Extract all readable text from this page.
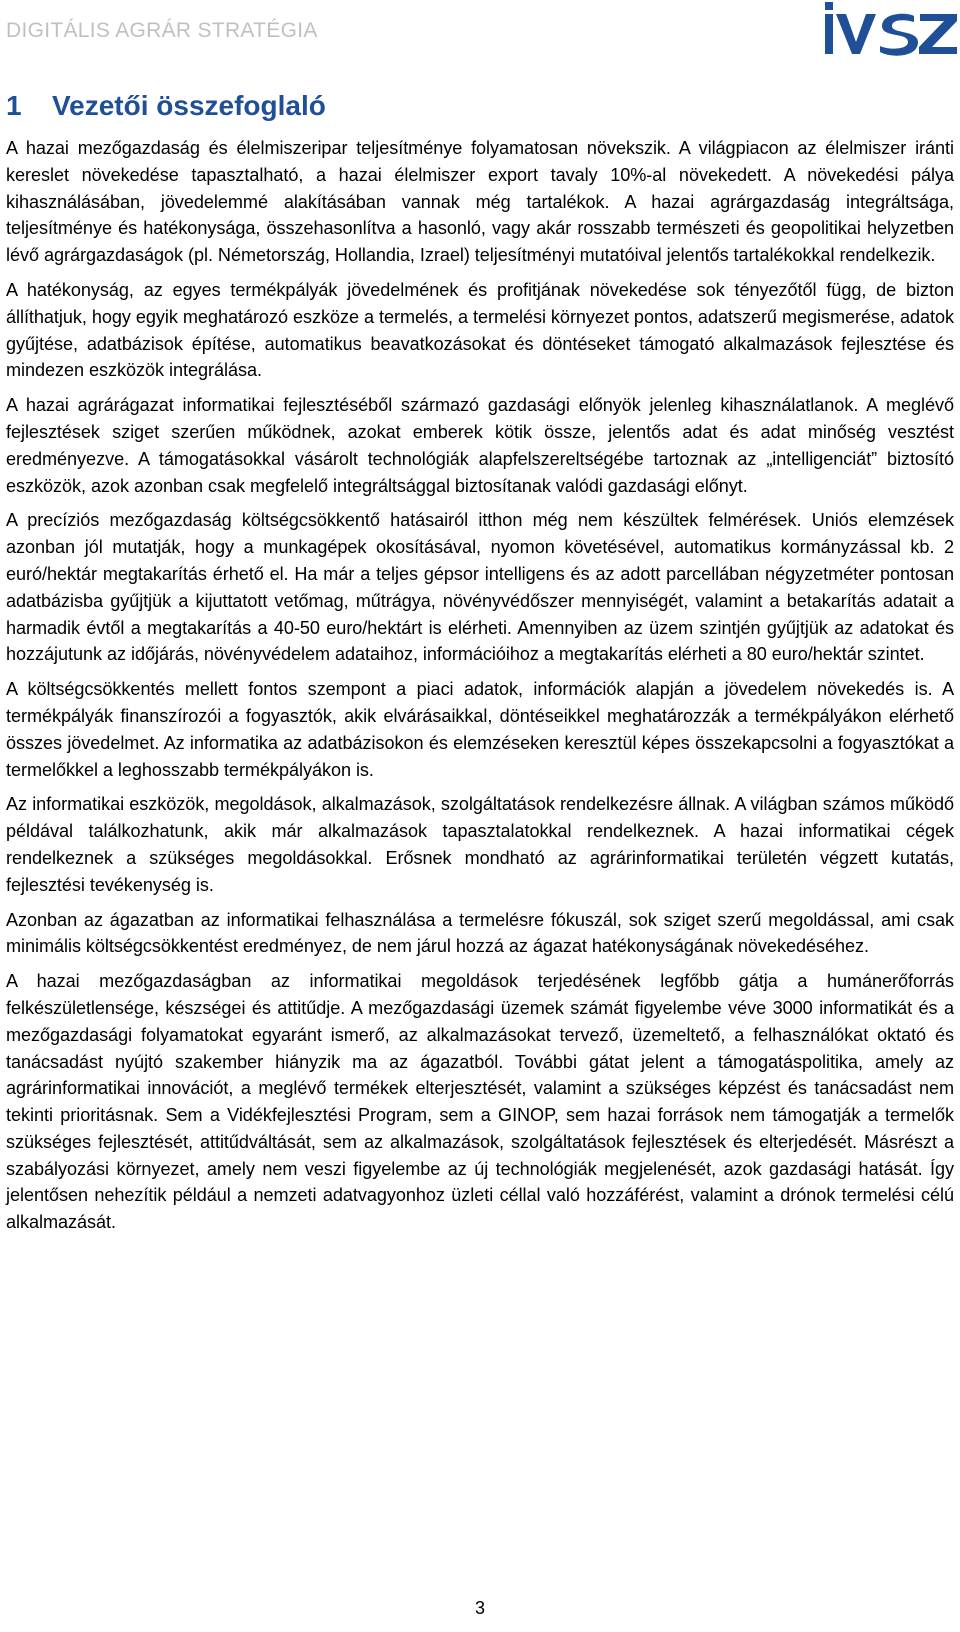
DIGITÁLIS AGRÁR STRATÉGIA
1 Vezetői összefoglaló

A hazai mezőgazdaság és élelmiszeripar teljesítménye folyamatosan növekszik. A világpiacon az élelmiszer iránti kereslet növekedése tapasztalható, a hazai élelmiszer export tavaly 10%-al növekedett. A növekedési pálya kihasználásában, jövedelemmé alakításában vannak még tartalékok. A hazai agrárgazdaság integráltsága, teljesítménye és hatékonysága, összehasonlítva a hasonló, vagy akár rosszabb természeti és geopolitikai helyzetben lévő agrárgazdaságok (pl. Németország, Hollandia, Izrael) teljesítményi mutatóival jelentős tartalékokkal rendelkezik.

A hatékonyság, az egyes termékpályák jövedelmének és profitjának növekedése sok tényezőtől függ, de bizton állíthatjuk, hogy egyik meghatározó eszköze a termelés, a termelési környezet pontos, adatszerű megismerése, adatok gyűjtése, adatbázisok építése, automatikus beavatkozásokat és döntéseket támogató alkalmazások fejlesztése és mindezen eszközök integrálása.

A hazai agrárágazat informatikai fejlesztéséből származó gazdasági előnyök jelenleg kihasználatlanok. A meglévő fejlesztések sziget szerűen működnek, azokat emberek kötik össze, jelentős adat és adat minőség vesztést eredményezve. A támogatásokkal vásárolt technológiák alapfelszereltségébe tartoznak az „intelligenciát” biztosító eszközök, azok azonban csak megfelelő integráltsággal biztosítanak valódi gazdasági előnyt.

A precíziós mezőgazdaság költségcsökkentő hatásairól itthon még nem készültek felmérések. Uniós elemzések azonban jól mutatják, hogy a munkagépek okosításával, nyomon követésével, automatikus kormányzással kb. 2 euró/hektár megtakarítás érhető el. Ha már a teljes gépsor intelligens és az adott parcellában négyzetméter pontosan adatbázisba gyűjtjük a kijuttatott vetőmag, műtrágya, növényvédőszer mennyiségét, valamint a betakarítás adatait a harmadik évtől a megtakarítás a 40-50 euro/hektárt is elérheti. Amennyiben az üzem szintjén gyűjtjük az adatokat és hozzájutunk az időjárás, növényvédelem adataihoz, információihoz a megtakarítás elérheti a 80 euro/hektár szintet.

A költségcsökkentés mellett fontos szempont a piaci adatok, információk alapján a jövedelem növekedés is. A termékpályák finanszírozói a fogyasztók, akik elvárásaikkal, döntéseikkel meghatározzák a termékpályákon elérhető összes jövedelmet. Az informatika az adatbázisokon és elemzéseken keresztül képes összekapcsolni a fogyasztókat a termelőkkel a leghosszabb termékpályákon is.

Az informatikai eszközök, megoldások, alkalmazások, szolgáltatások rendelkezésre állnak. A világban számos működő példával találkozhatunk, akik már alkalmazások tapasztalatokkal rendelkeznek. A hazai informatikai cégek rendelkeznek a szükséges megoldásokkal. Erősnek mondható az agrárinformatikai területén végzett kutatás, fejlesztési tevékenység is.

Azonban az ágazatban az informatikai felhasználása a termelésre fókuszál, sok sziget szerű megoldással, ami csak minimális költségcsökkentést eredményez, de nem járul hozzá az ágazat hatékonyságának növekedéséhez.

A hazai mezőgazdaságban az informatikai megoldások terjedésének legfőbb gátja a humánerőforrás felkészületlensége, készségei és attitűdje. A mezőgazdasági üzemek számát figyelembe véve 3000 informatikát és a mezőgazdasági folyamatokat egyaránt ismerő, az alkalmazásokat tervező, üzemeltető, a felhasználókat oktató és tanácsadást nyújtó szakember hiányzik ma az ágazatból. További gátat jelent a támogatáspolitika, amely az agrárinformatikai innovációt, a meglévő termékek elterjesztését, valamint a szükséges képzést és tanácsadást nem tekinti prioritásnak. Sem a Vidékfejlesztési Program, sem a GINOP, sem hazai források nem támogatják a termelők szükséges fejlesztését, attitűdváltását, sem az alkalmazások, szolgáltatások fejlesztések és elterjedését. Másrészt a szabályozási környezet, amely nem veszi figyelembe az új technológiák megjelenését, azok gazdasági hatását. Így jelentősen nehezítik például a nemzeti adatvagyonhoz üzleti céllal való hozzáférést, valamint a drónok termelési célú alkalmazását.

3
